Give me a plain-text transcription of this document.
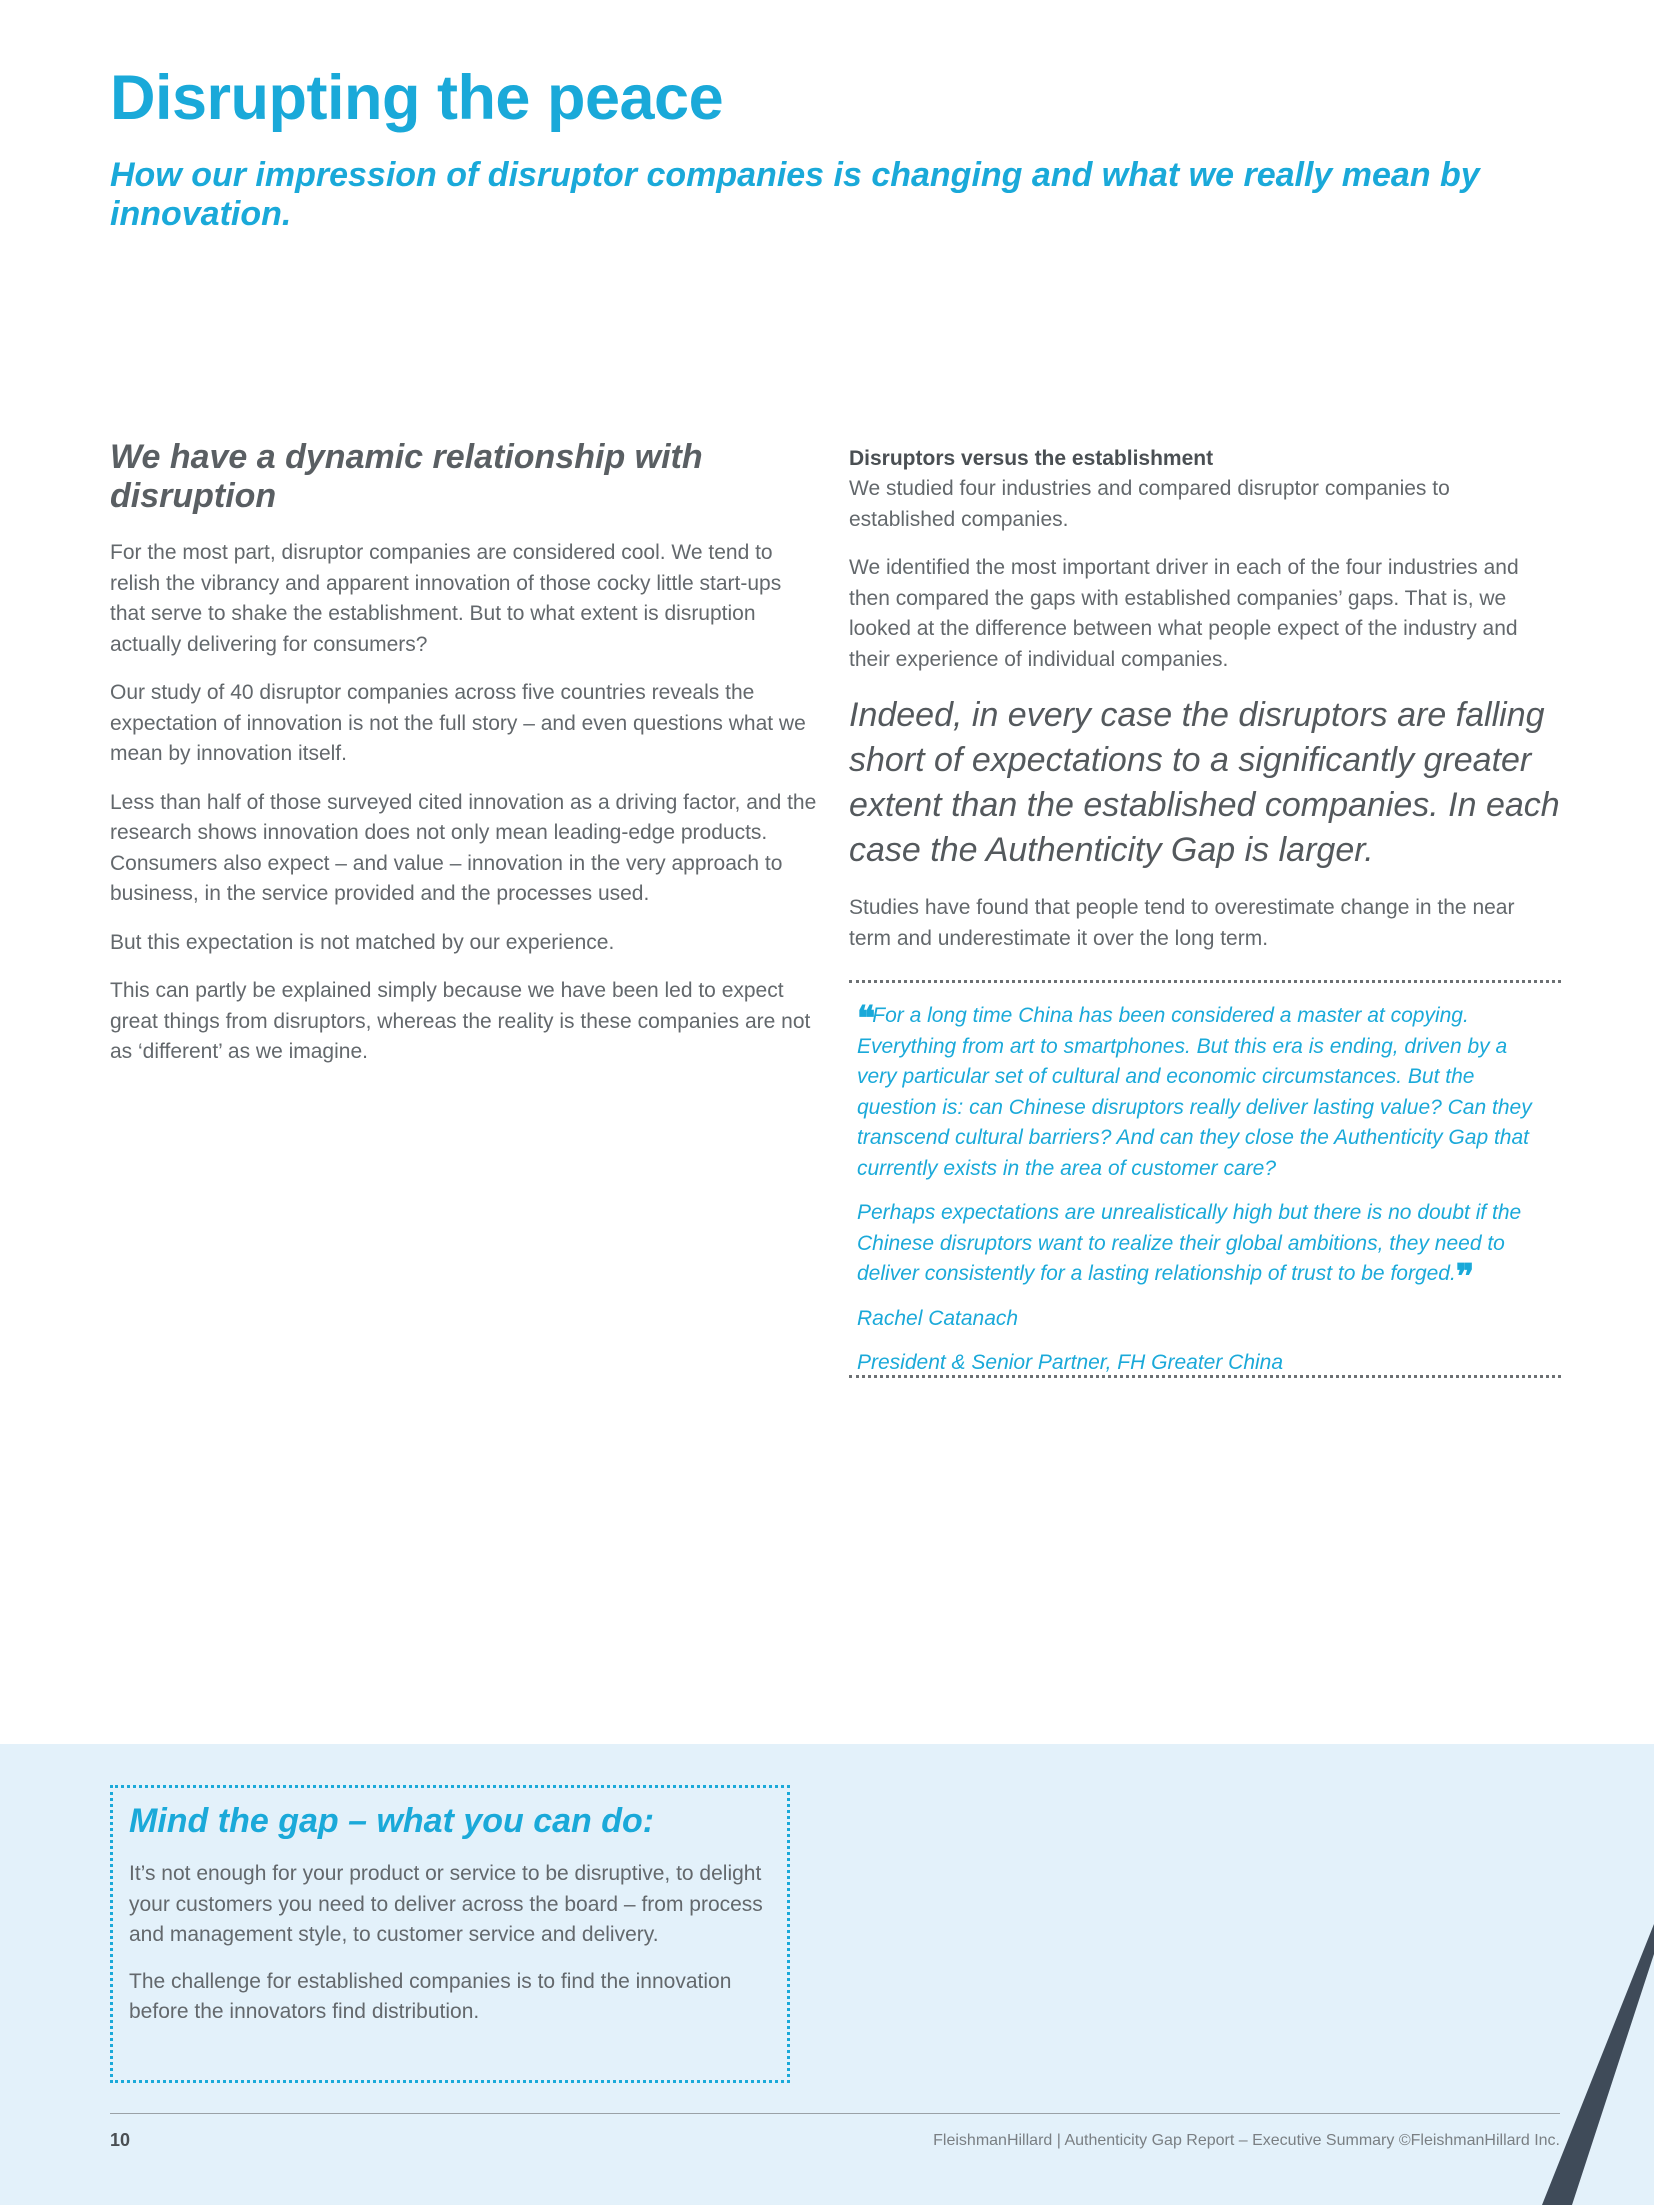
Disrupting the peace
How our impression of disruptor companies is changing and what we really mean by innovation.
We have a dynamic relationship with disruption

For the most part, disruptor companies are considered cool. We tend to relish the vibrancy and apparent innovation of those cocky little start-ups that serve to shake the establishment. But to what extent is disruption actually delivering for consumers?

Our study of 40 disruptor companies across five countries reveals the expectation of innovation is not the full story – and even questions what we mean by innovation itself.

Less than half of those surveyed cited innovation as a driving factor, and the research shows innovation does not only mean leading-edge products. Consumers also expect – and value – innovation in the very approach to business, in the service provided and the processes used.

But this expectation is not matched by our experience.

This can partly be explained simply because we have been led to expect great things from disruptors, whereas the reality is these companies are not as ‘different’ as we imagine.

Disruptors versus the establishment

We studied four industries and compared disruptor companies to established companies.

We identified the most important driver in each of the four industries and then compared the gaps with established companies’ gaps. That is, we looked at the difference between what people expect of the industry and their experience of individual companies.

Indeed, in every case the disruptors are falling short of expectations to a significantly greater extent than the established companies. In each case the Authenticity Gap is larger.

Studies have found that people tend to overestimate change in the near term and underestimate it over the long term.

❝For a long time China has been considered a master at copying. Everything from art to smartphones. But this era is ending, driven by a very particular set of cultural and economic circumstances. But the question is: can Chinese disruptors really deliver lasting value? Can they transcend cultural barriers? And can they close the Authenticity Gap that currently exists in the area of customer care?

Perhaps expectations are unrealistically high but there is no doubt if the Chinese disruptors want to realize their global ambitions, they need to deliver consistently for a lasting relationship of trust to be forged.❞

Rachel Catanach

President & Senior Partner, FH Greater China

Mind the gap – what you can do:

It’s not enough for your product or service to be disruptive, to delight your customers you need to deliver across the board – from process and management style, to customer service and delivery.

The challenge for established companies is to find the innovation before the innovators find distribution.

10	FleishmanHillard | Authenticity Gap Report – Executive Summary ©FleishmanHillard Inc.
